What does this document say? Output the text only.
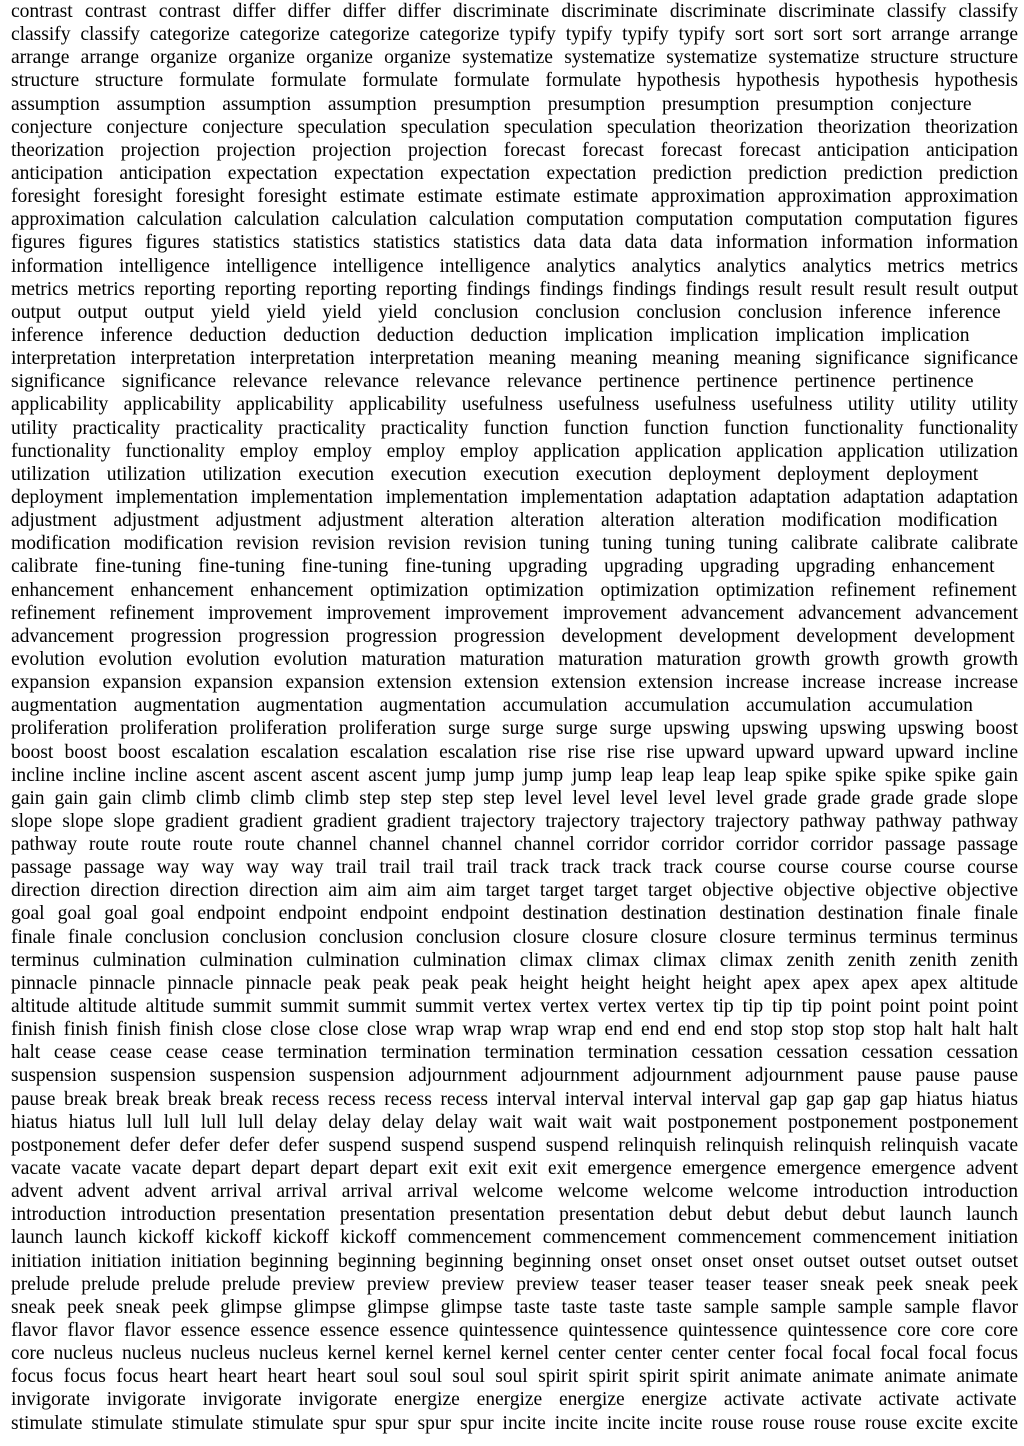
contrast contrast contrast differ differ differ differ discriminate discriminate discriminate discriminate classify classify
classify classify categorize categorize categorize categorize typify typify typify typify sort sort sort sort arrange arrange
arrange arrange organize organize organize organize systematize systematize systematize systematize structure structure
structure structure formulate formulate formulate formulate formulate hypothesis hypothesis hypothesis hypothesis
assumption assumption assumption assumption presumption presumption presumption presumption conjecture
conjecture conjecture conjecture speculation speculation speculation speculation theorization theorization theorization
theorization projection projection projection projection forecast forecast forecast forecast anticipation anticipation
anticipation anticipation expectation expectation expectation expectation prediction prediction prediction prediction
foresight foresight foresight foresight estimate estimate estimate estimate approximation approximation approximation
approximation calculation calculation calculation calculation computation computation computation computation figures
figures figures figures statistics statistics statistics statistics data data data data information information information
information intelligence intelligence intelligence intelligence analytics analytics analytics analytics metrics metrics
metrics metrics reporting reporting reporting reporting findings findings findings findings result result result result output
output output output yield yield yield yield conclusion conclusion conclusion conclusion inference inference
inference inference deduction deduction deduction deduction implication implication implication implication
interpretation interpretation interpretation interpretation meaning meaning meaning meaning significance significance
significance significance relevance relevance relevance relevance pertinence pertinence pertinence pertinence
applicability applicability applicability applicability usefulness usefulness usefulness usefulness utility utility utility
utility practicality practicality practicality practicality function function function function functionality functionality
functionality functionality employ employ employ employ application application application application utilization
utilization utilization utilization execution execution execution execution deployment deployment deployment
deployment implementation implementation implementation implementation adaptation adaptation adaptation adaptation
adjustment adjustment adjustment adjustment alteration alteration alteration alteration modification modification
modification modification revision revision revision revision tuning tuning tuning tuning calibrate calibrate calibrate
calibrate fine-tuning fine-tuning fine-tuning fine-tuning upgrading upgrading upgrading upgrading enhancement
enhancement enhancement enhancement optimization optimization optimization optimization refinement refinement
refinement refinement improvement improvement improvement improvement advancement advancement advancement
advancement progression progression progression progression development development development development
evolution evolution evolution evolution maturation maturation maturation maturation growth growth growth growth
expansion expansion expansion expansion extension extension extension extension increase increase increase increase
augmentation augmentation augmentation augmentation accumulation accumulation accumulation accumulation
proliferation proliferation proliferation proliferation surge surge surge surge upswing upswing upswing upswing boost
boost boost boost escalation escalation escalation escalation rise rise rise rise upward upward upward upward incline
incline incline incline ascent ascent ascent ascent jump jump jump jump leap leap leap leap spike spike spike spike gain
gain gain gain climb climb climb climb step step step step level level level level level grade grade grade grade slope
slope slope slope gradient gradient gradient gradient trajectory trajectory trajectory trajectory pathway pathway pathway
pathway route route route route channel channel channel channel corridor corridor corridor corridor passage passage
passage passage way way way way trail trail trail trail track track track track course course course course course
direction direction direction direction aim aim aim aim target target target target objective objective objective objective
goal goal goal goal endpoint endpoint endpoint endpoint destination destination destination destination finale finale
finale finale conclusion conclusion conclusion conclusion closure closure closure closure terminus terminus terminus
terminus culmination culmination culmination culmination climax climax climax climax zenith zenith zenith zenith
pinnacle pinnacle pinnacle pinnacle peak peak peak peak height height height height apex apex apex apex altitude
altitude altitude altitude summit summit summit summit vertex vertex vertex vertex tip tip tip tip point point point point
finish finish finish finish close close close close wrap wrap wrap wrap end end end end stop stop stop stop halt halt halt
halt cease cease cease cease termination termination termination termination cessation cessation cessation cessation
suspension suspension suspension suspension adjournment adjournment adjournment adjournment pause pause pause
pause break break break break recess recess recess recess interval interval interval interval gap gap gap gap hiatus hiatus
hiatus hiatus lull lull lull lull delay delay delay delay wait wait wait wait postponement postponement postponement
postponement defer defer defer defer suspend suspend suspend suspend relinquish relinquish relinquish relinquish vacate
vacate vacate vacate depart depart depart depart exit exit exit exit emergence emergence emergence emergence advent
advent advent advent arrival arrival arrival arrival welcome welcome welcome welcome introduction introduction
introduction introduction presentation presentation presentation presentation debut debut debut debut launch launch
launch launch kickoff kickoff kickoff kickoff commencement commencement commencement commencement initiation
initiation initiation initiation beginning beginning beginning beginning onset onset onset onset outset outset outset outset
prelude prelude prelude prelude preview preview preview preview teaser teaser teaser teaser sneak peek sneak peek
sneak peek sneak peek glimpse glimpse glimpse glimpse taste taste taste taste sample sample sample sample flavor
flavor flavor flavor essence essence essence essence quintessence quintessence quintessence quintessence core core core
core nucleus nucleus nucleus nucleus kernel kernel kernel kernel center center center center focal focal focal focal focus
focus focus focus heart heart heart heart soul soul soul soul spirit spirit spirit spirit animate animate animate animate
invigorate invigorate invigorate invigorate energize energize energize energize activate activate activate activate
stimulate stimulate stimulate stimulate spur spur spur spur incite incite incite incite rouse rouse rouse rouse excite excite
